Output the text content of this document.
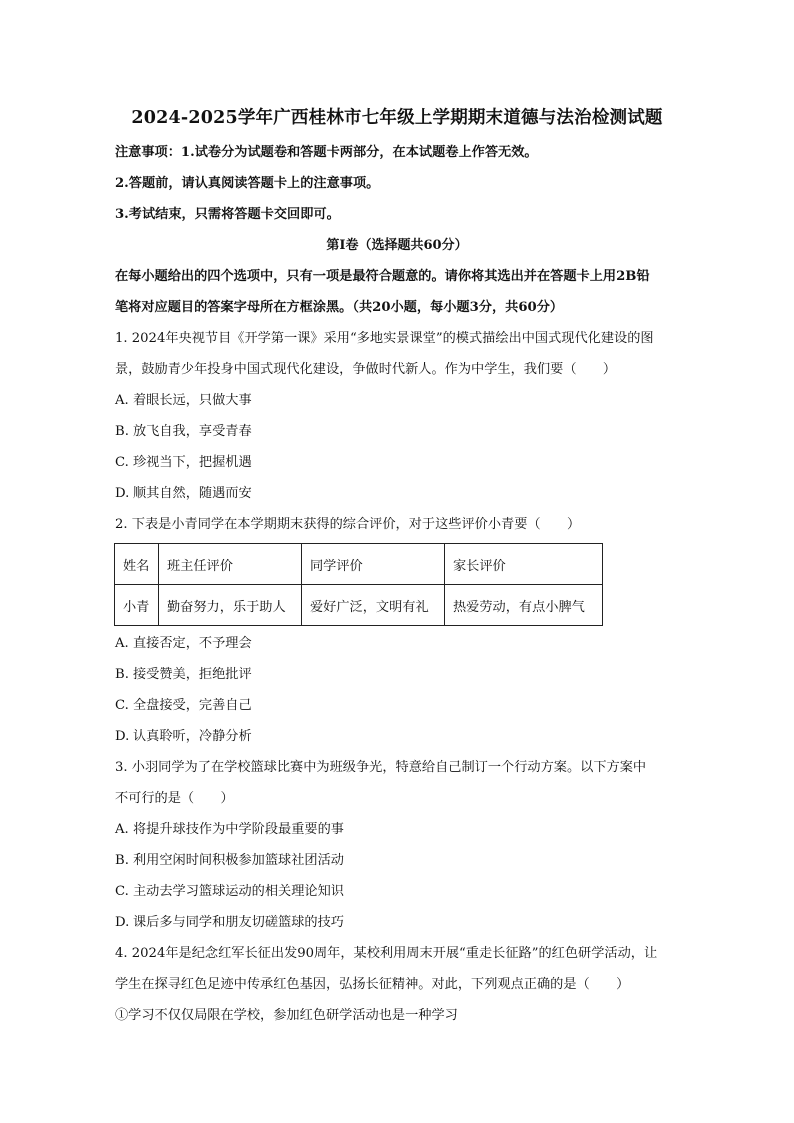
2024-2025学年广西桂林市七年级上学期期末道德与法治检测试题
注意事项：1.试卷分为试题卷和答题卡两部分，在本试题卷上作答无效。
2.答题前，请认真阅读答题卡上的注意事项。
3.考试结束，只需将答题卡交回即可。
第Ⅰ卷（选择题共60分）
在每小题给出的四个选项中，只有一项是最符合题意的。请你将其选出并在答题卡上用2B铅
笔将对应题目的答案字母所在方框涂黑。（共20小题，每小题3分，共60分）
1. 2024年央视节目《开学第一课》采用“多地实景课堂”的模式描绘出中国式现代化建设的图
景，鼓励青少年投身中国式现代化建设，争做时代新人。作为中学生，我们要（　　）
A. 着眼长远，只做大事
B. 放飞自我，享受青春
C. 珍视当下，把握机遇
D. 顺其自然，随遇而安
2. 下表是小青同学在本学期期末获得的综合评价，对于这些评价小青要（　　）
姓名	班主任评价	同学评价	家长评价
小青	勤奋努力，乐于助人	爱好广泛，文明有礼	热爱劳动，有点小脾气
A. 直接否定，不予理会
B. 接受赞美，拒绝批评
C. 全盘接受，完善自己
D. 认真聆听，冷静分析
3. 小羽同学为了在学校篮球比赛中为班级争光，特意给自己制订一个行动方案。以下方案中
不可行的是（　　）
A. 将提升球技作为中学阶段最重要的事
B. 利用空闲时间积极参加篮球社团活动
C. 主动去学习篮球运动的相关理论知识
D. 课后多与同学和朋友切磋篮球的技巧
4. 2024年是纪念红军长征出发90周年，某校利用周末开展“重走长征路”的红色研学活动，让
学生在探寻红色足迹中传承红色基因，弘扬长征精神。对此，下列观点正确的是（　　）
①学习不仅仅局限在学校，参加红色研学活动也是一种学习
